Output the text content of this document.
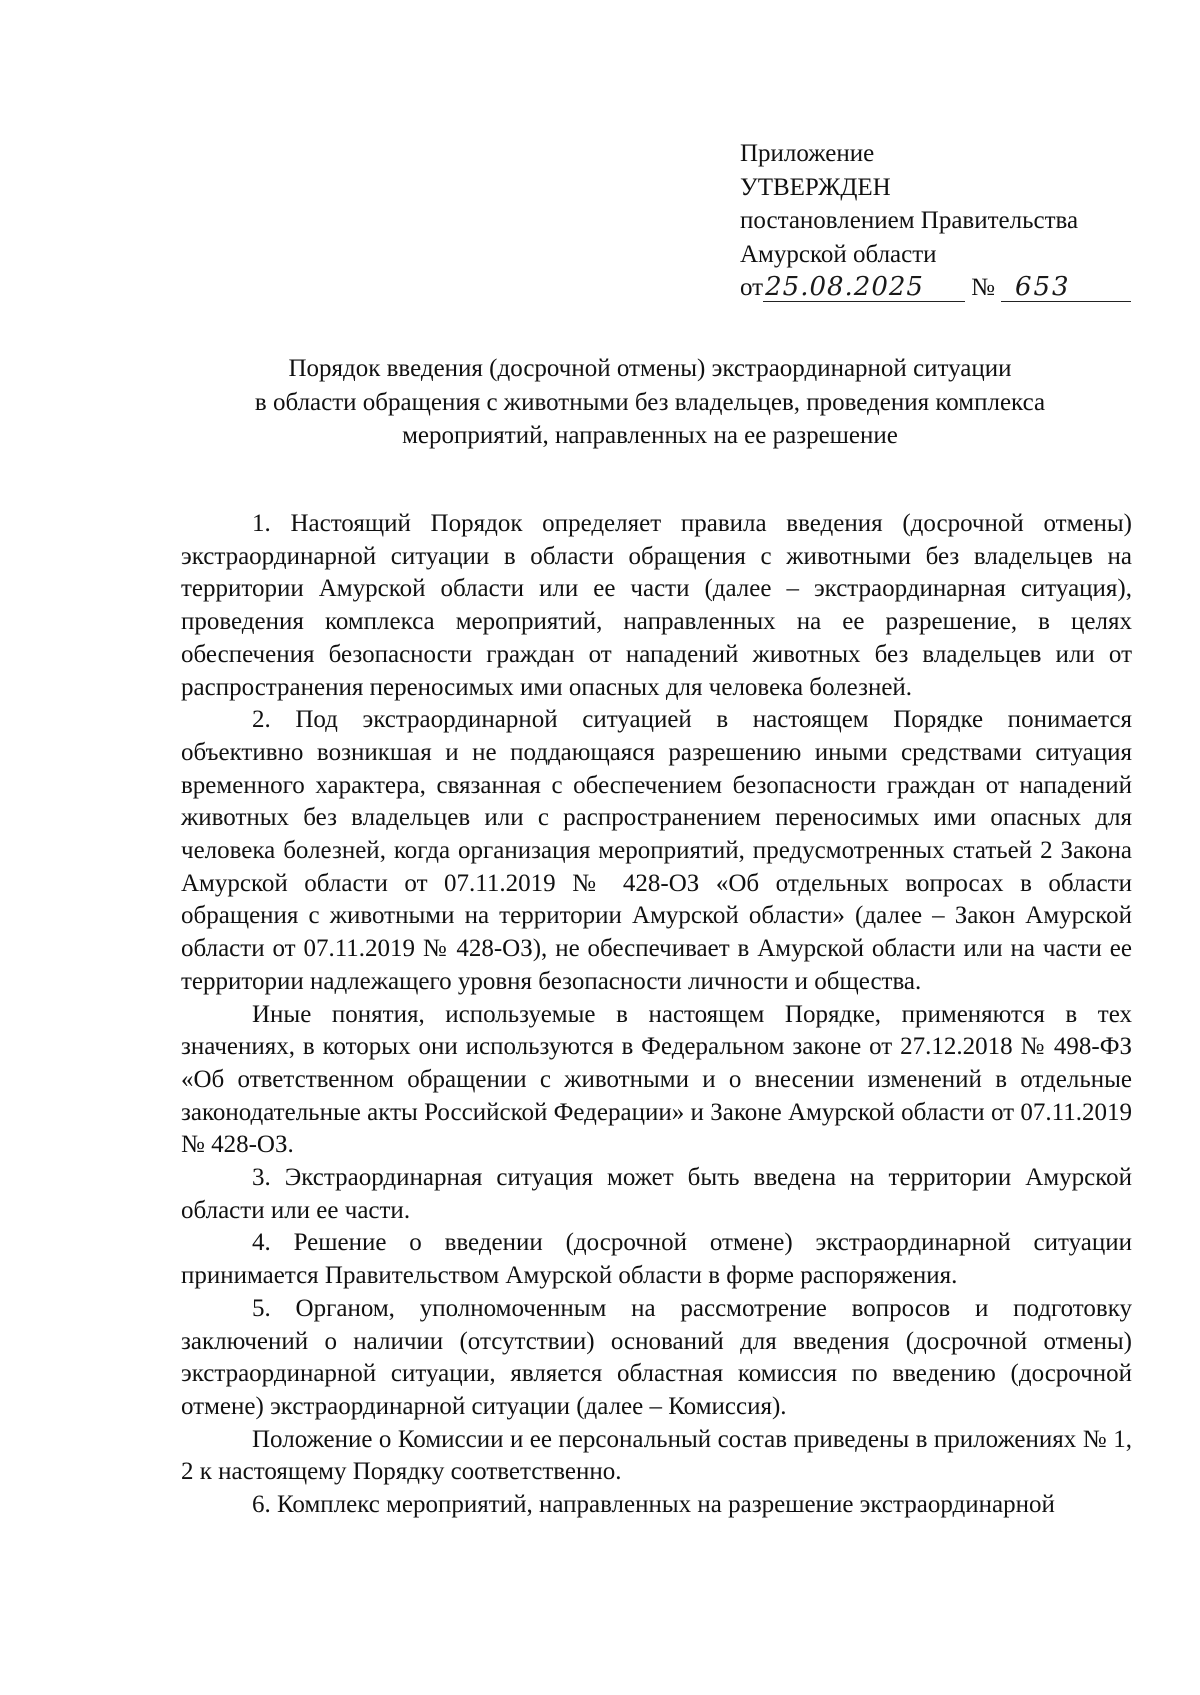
Приложение
УТВЕРЖДЕН
постановлением Правительства
Амурской области
от 25.08.2025	№ 653
Порядок введения (досрочной отмены) экстраординарной ситуации
в области обращения с животными без владельцев, проведения комплекса
мероприятий, направленных на ее разрешение

1. Настоящий Порядок определяет правила введения (досрочной отмены) экстраординарной ситуации в области обращения с животными без владельцев на территории Амурской области или ее части (далее – экстраординарная ситуация), проведения комплекса мероприятий, направленных на ее разрешение, в целях обеспечения безопасности граждан от нападений животных без владельцев или от распространения переносимых ими опасных для человека болезней.

2. Под экстраординарной ситуацией в настоящем Порядке понимается объективно возникшая и не поддающаяся разрешению иными средствами ситуация временного характера, связанная с обеспечением безопасности граждан от нападений животных без владельцев или с распространением переносимых ими опасных для человека болезней, когда организация мероприятий, предусмотренных статьей 2 Закона Амурской области от 07.11.2019 № 428-ОЗ «Об отдельных вопросах в области обращения с животными на территории Амурской области» (далее – Закон Амурской области от 07.11.2019 № 428-ОЗ), не обеспечивает в Амурской области или на части ее территории надлежащего уровня безопасности личности и общества.

Иные понятия, используемые в настоящем Порядке, применяются в тех значениях, в которых они используются в Федеральном законе от 27.12.2018 № 498-ФЗ «Об ответственном обращении с животными и о внесении изменений в отдельные законодательные акты Российской Федерации» и Законе Амурской области от 07.11.2019 № 428-ОЗ.

3. Экстраординарная ситуация может быть введена на территории Амурской области или ее части.

4. Решение о введении (досрочной отмене) экстраординарной ситуации принимается Правительством Амурской области в форме распоряжения.

5. Органом, уполномоченным на рассмотрение вопросов и подготовку заключений о наличии (отсутствии) оснований для введения (досрочной отмены) экстраординарной ситуации, является областная комиссия по введению (досрочной отмене) экстраординарной ситуации (далее – Комиссия).

Положение о Комиссии и ее персональный состав приведены в приложениях № 1, 2 к настоящему Порядку соответственно.

6. Комплекс мероприятий, направленных на разрешение экстраординарной
